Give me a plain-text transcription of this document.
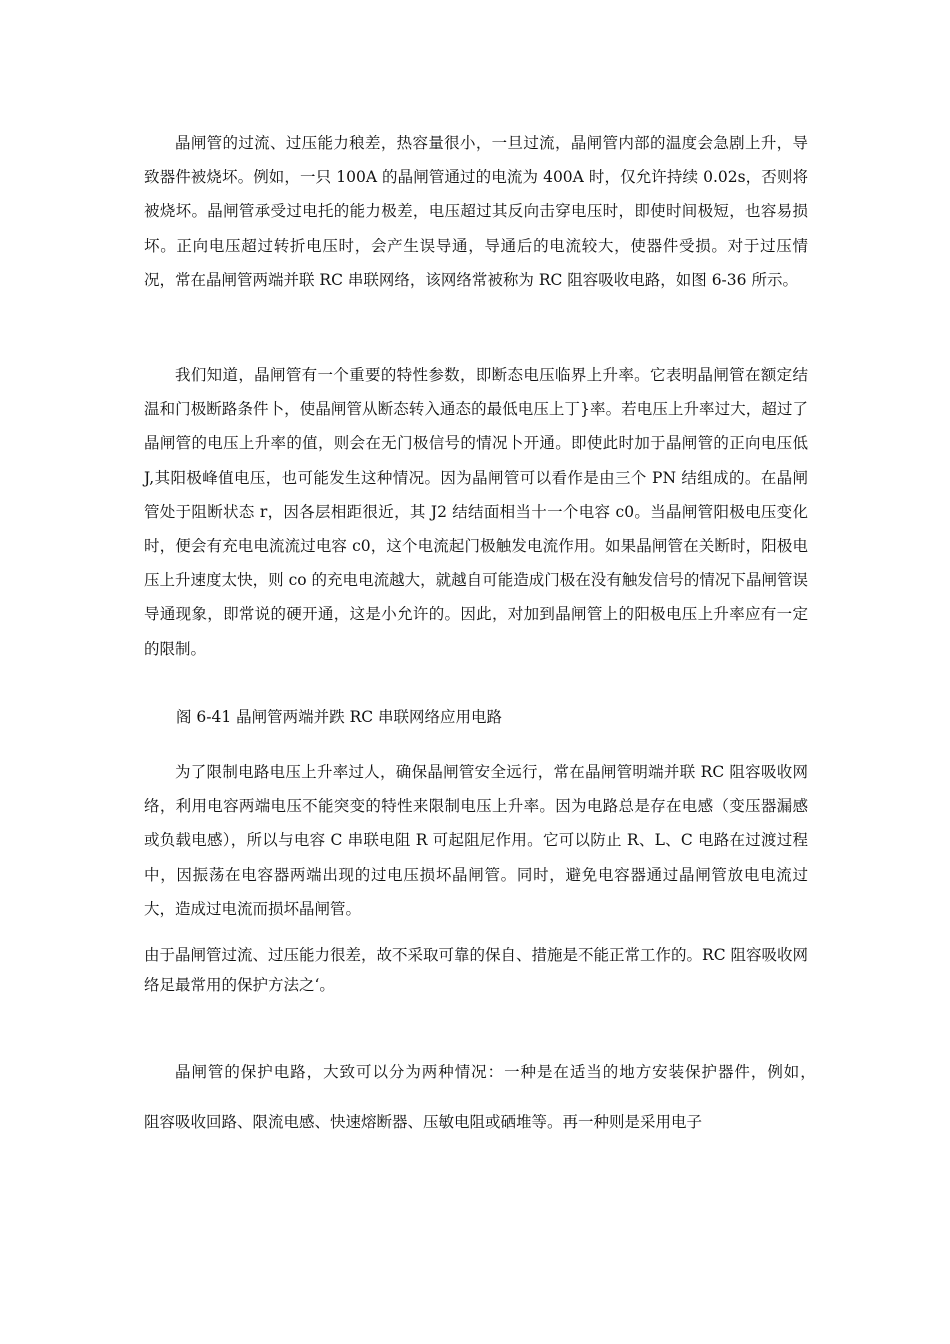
晶闸管的过流、过压能力稂差，热容量很小，一旦过流，晶闸管内部的温度会急剧上升，导致器件被烧坏。例如，一只 100A 的晶闸管通过的电流为 400A 时，仅允许持续 0.02s，否则将被烧坏。晶闸管承受过电托的能力极差，电压超过其反向击穿电压时，即使时间极短，也容易损坏。正向电压超过转折电压时，会产生误导通，导通后的电流较大，使器件受损。对于过压情况，常在晶闸管两端并联 RC 串联网络，该网络常被称为 RC 阻容吸收电路，如图 6-36 所示。

我们知道，晶闸管有一个重要的特性参数，即断态电压临界上升率。它表明晶闸管在额定结温和门极断路条件卜，使晶闸管从断态转入通态的最低电压上丁}率。若电压上升率过大，超过了晶闸管的电压上升率的值，则会在无门极信号的情况卜开通。即使此时加于晶闸管的正向电压低 J,其阳极峰值电压，也可能发生这种情况。因为晶闸管可以看作是由三个 PN 结组成的。在晶闸管处于阻断状态 r，因各层相距很近，其 J2 结结面相当十一个电容 c0。当晶闸管阳极电压变化时，便会有充电电流流过电容 c0，这个电流起门极触发电流作用。如果晶闸管在关断时，阳极电压上升速度太快，则 co 的充电电流越大，就越自可能造成门极在没有触发信号的情况下晶闸管误导通现象，即常说的硬开通，这是小允许的。因此，对加到晶闸管上的阳极电压上升率应有一定的限制。

阁 6-41 晶闸管两端并跌 RC 串联网络应用电路

为了限制电路电压上升率过人，确保晶闸管安全远行，常在晶闸管明端并联 RC 阻容吸收网络，利用电容两端电压不能突变的特性来限制电压上升率。因为电路总是存在电感（变压器漏感或负载电感），所以与电容 C 串联电阻 R 可起阻尼作用。它可以防止 R、L、C 电路在过渡过程中，因振荡在电容器两端出现的过电压损坏晶闸管。同时，避免电容器通过晶闸管放电电流过大，造成过电流而损坏晶闸管。

由于晶闸管过流、过压能力很差，故不采取可靠的保自、措施是不能正常工作的。RC 阻容吸收网络足最常用的保护方法之‘。

晶闸管的保护电路，大致可以分为两种情况：一种是在适当的地方安装保护器件，例如，　　阻容吸收回路、限流电感、快速熔断器、压敏电阻或硒堆等。再一种则是采用电子
